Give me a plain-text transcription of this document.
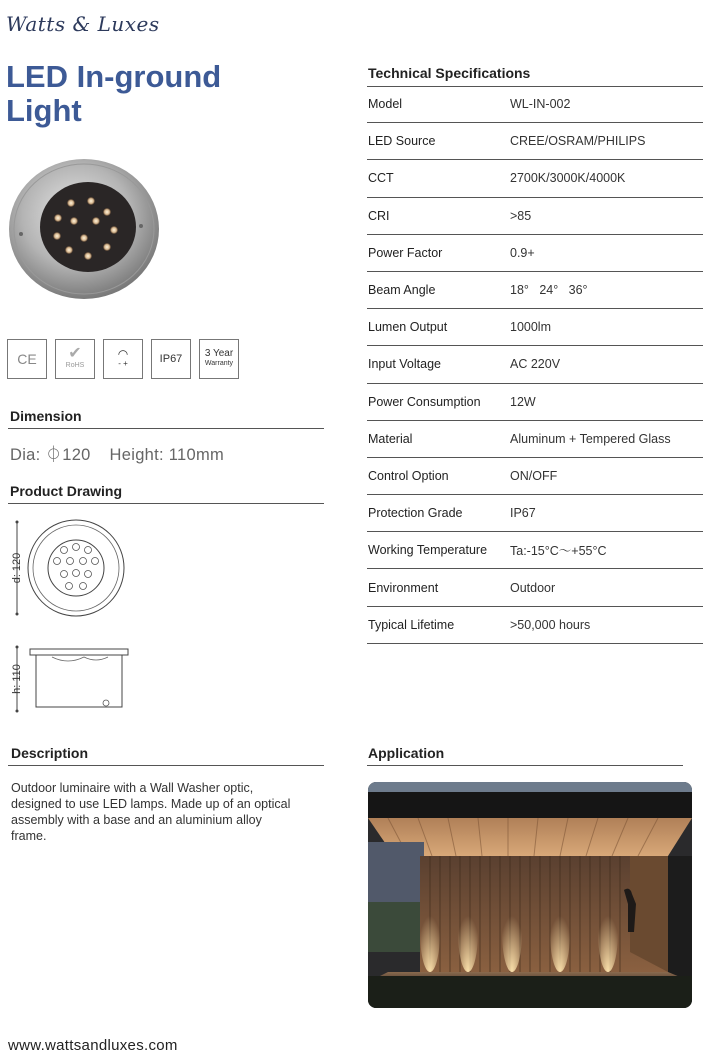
Watts & Luxes
LED In-ground Light
CE ✔
RoHS
◠
- +	IP67 3 Year
Warranty
Dimension
Dia: ⏀120 Height: 110mm
Product Drawing
d: 120
h: 110
Description

Outdoor luminaire with a Wall Washer optic, designed to use LED lamps. Made up of an optical assembly with a base and an aluminium alloy frame.

Technical Specifications
Model	WL-IN-002
LED Source	CREE/OSRAM/PHILIPS
CCT	2700K/3000K/4000K
CRI	>85
Power Factor	0.9+
Beam Angle	18°   24°   36°
Lumen Output	1000lm
Input Voltage	AC 220V
Power Consumption	12W
Material	Aluminum + Tempered Glass
Control Option	ON/OFF
Protection Grade	IP67
Working Temperature	Ta:-15°C～+55°C
Environment	Outdoor
Typical Lifetime	>50,000 hours
Application
www.wattsandluxes.com
